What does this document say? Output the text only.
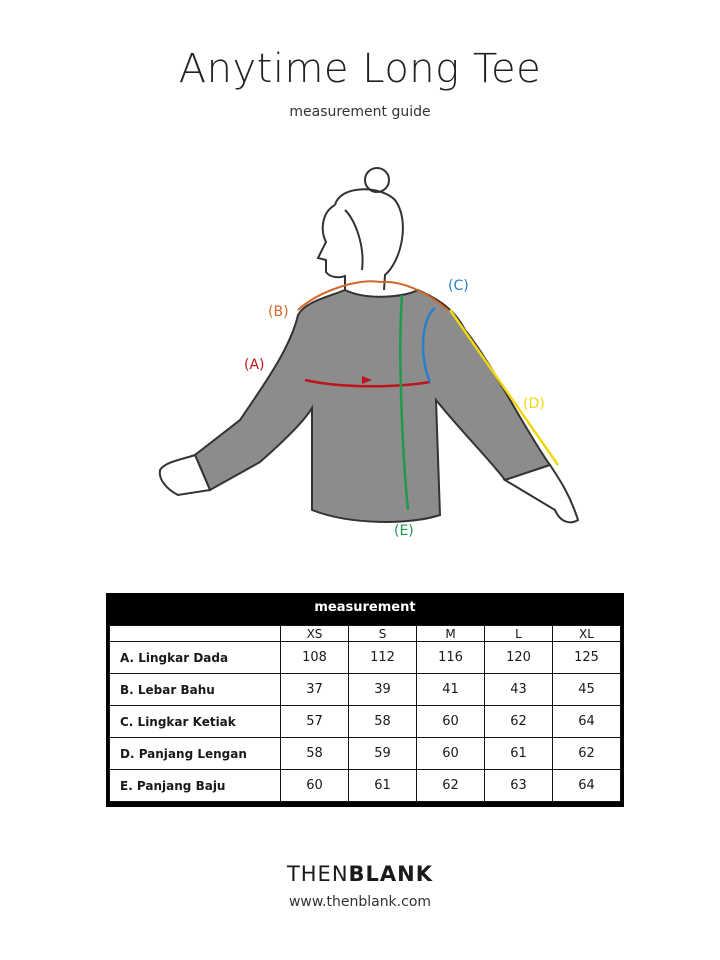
Anytime Long Tee
measurement guide
(A)
(B)
(C)
(D)
(E)
measurement
	XS	S	M	L	XL
A. Lingkar Dada	108	112	116	120	125
B. Lebar Bahu	37	39	41	43	45
C. Lingkar Ketiak	57	58	60	62	64
D. Panjang Lengan	58	59	60	61	62
E. Panjang Baju	60	61	62	63	64
THENBLANK
www.thenblank.com
